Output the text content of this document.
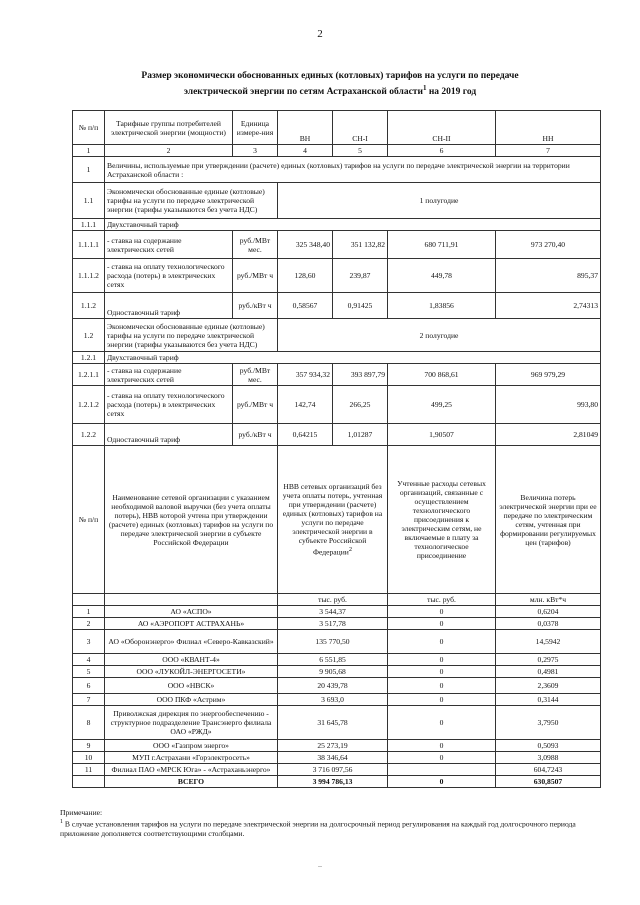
2
Размер экономически обоснованных единых (котловых) тарифов на услуги по передаче
электрической энергии по сетям Астраханской области$^1$ на 2019 год
№ п/п	Тарифные группы потребителей электрической энергии (мощности)	Единица измере-ния	ВН	СН-I	СН-II	НН
1	2	3	4	5	6	7
1	Величины, используемые при утверждении (расчете) единых (котловых) тарифов на услуги по передаче электрической энергии на территории Астраханской области :					
1.1	Экономически обоснованные единые (котловые) тарифы на услуги по передаче электрической энергии (тарифы указываются без учета НДС)		1 полугодие			
1.1.1	Двухставочный тариф					
1.1.1.1	- ставка на содержание электрических сетей	руб./МВт мес.	325 348,40	351 132,82	680 711,91	973 270,40
1.1.1.2	- ставка на оплату технологического расхода (потерь) в электрических сетях	руб./МВт ч	128,60	239,87	449,78	895,37
1.1.2	Одноставочный тариф	руб./кВт ч	0,58567	0,91425	1,83856	2,74313
1.2	Экономически обоснованные единые (котловые) тарифы на услуги по передаче электрической энергии (тарифы указываются без учета НДС)		2 полугодие			
1.2.1	Двухставочный тариф					
1.2.1.1	- ставка на содержание электрических сетей	руб./МВт мес.	357 934,32	393 897,79	700 868,61	969 979,29
1.2.1.2	- ставка на оплату технологического расхода (потерь) в электрических сетях	руб./МВт ч	142,74	266,25	499,25	993,80
1.2.2	Одноставочный тариф	руб./кВт ч	0,64215	1,01287	1,90507	2,81049
№ п/п	Наименование сетевой организации с указанием необходимой валовой выручки (без учета оплаты потерь), НВВ которой учтена при утверждении (расчете) единых (котловых) тарифов на услуги по передаче электрической энергии в субъекте Российской Федерации		НВВ сетевых организаций без учета оплаты потерь, учтенная при утверждении (расчете) единых (котловых) тарифов на услуги по передаче электрической энергии в субъекте Российской Федерации$^2$		Учтенные расходы сетевых организаций, связанные с осуществлением технологического присоединения к электрическим сетям, не включаемые в плату за технологическое присоединение	Величина потерь электрической энергии при ее передаче по электрическим сетям, учтенная при формировании регулируемых цен (тарифов)
			тыс. руб.		тыс. руб.	млн. кВт*ч
1	АО «АСПО»		3 544,37		0	0,6204
2	АО «АЭРОПОРТ АСТРАХАНЬ»		3 517,78		0	0,0378
3	АО «Оборонэнерго» Филиал «Северо-Кавказский»		135 770,50		0	14,5942
4	ООО «КВАНТ-4»		6 551,85		0	0,2975
5	ООО «ЛУКОЙЛ-ЭНЕРГОСЕТИ»		9 905,68		0	0,4981
6	ООО «НВСК»		20 439,78		0	2,3609
7	ООО ПКФ «Астрим»		3 693,0		0	0,3144
8	Приволжская дирекция по энергообеспечению - структурное подразделение Трансэнерго филиала ОАО «РЖД»		31 645,78		0	3,7950
9	ООО «Газпром энерго»		25 273,19		0	0,5093
10	МУП г.Астрахани «Горэлектросеть»		38 346,64		0	3,0988
11	Филиал ПАО «МРСК Юга» - «Астраханьэнерго»		3 716 097,56			604,7243
	ВСЕГО		3 994 786,13		0	630,8507
Примечание:
$^1$ В случае установления тарифов на услуги по передаче электрической энергии на долгосрочный период регулирования на каждый год долгосрочного периода приложение дополняется соответствующими столбцами.
..
